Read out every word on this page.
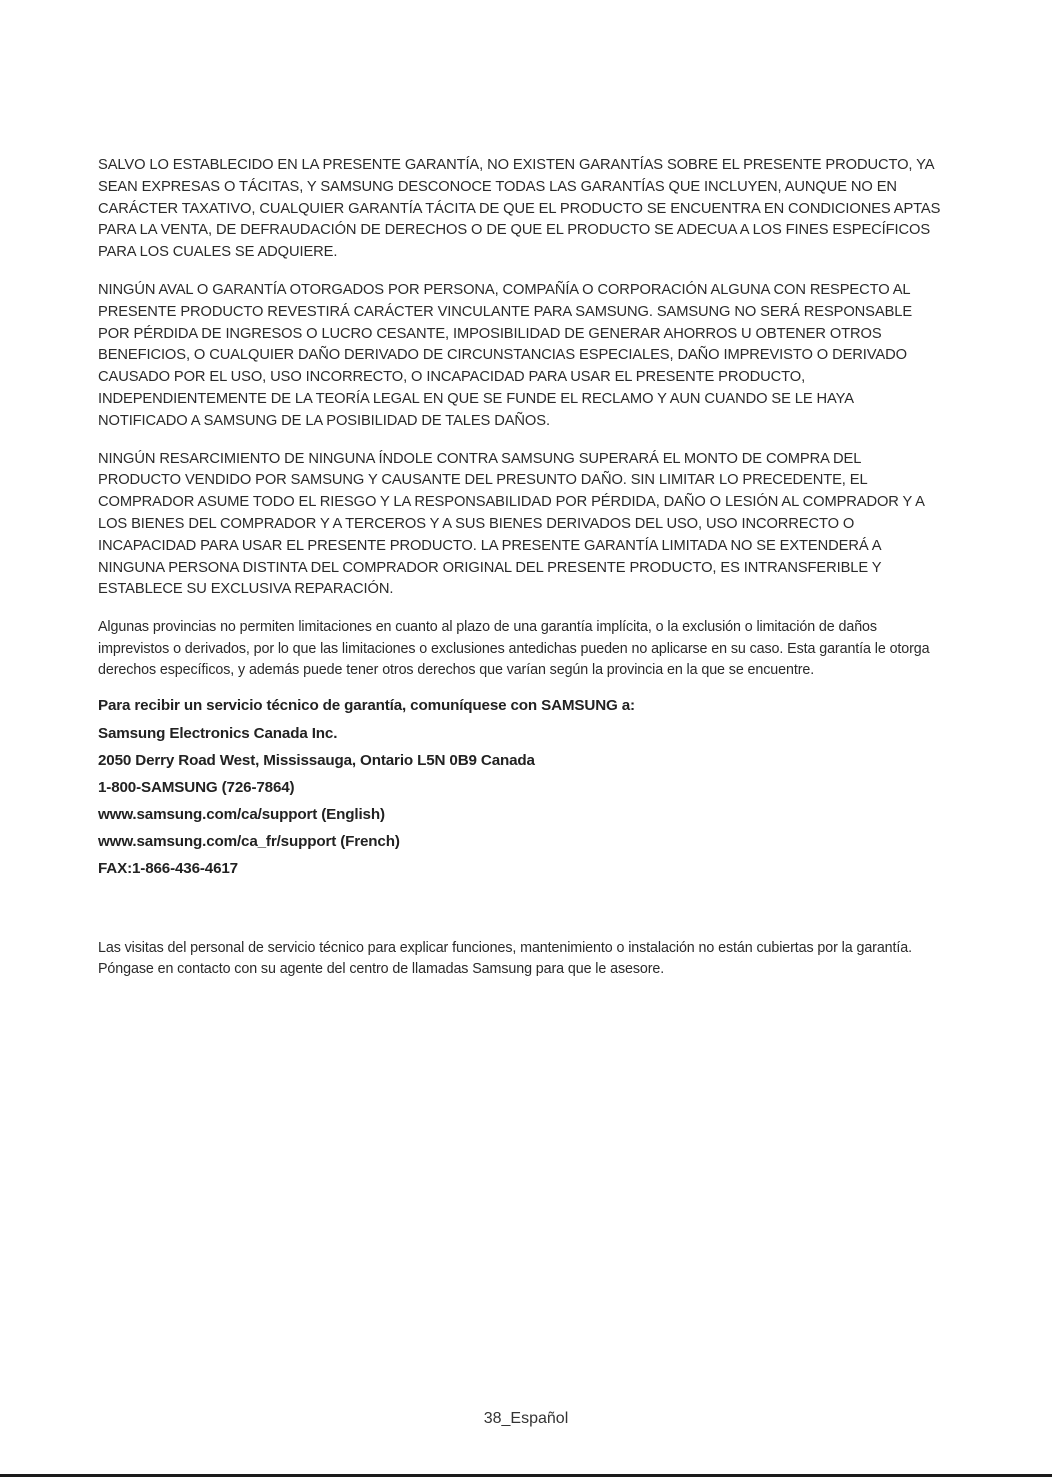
SALVO LO ESTABLECIDO EN LA PRESENTE GARANTÍA, NO EXISTEN GARANTÍAS SOBRE EL PRESENTE PRODUCTO, YA SEAN EXPRESAS O TÁCITAS, Y SAMSUNG DESCONOCE TODAS LAS GARANTÍAS QUE INCLUYEN, AUNQUE NO EN CARÁCTER TAXATIVO, CUALQUIER GARANTÍA TÁCITA DE QUE EL PRODUCTO SE ENCUENTRA EN CONDICIONES APTAS PARA LA VENTA, DE DEFRAUDACIÓN DE DERECHOS O DE QUE EL PRODUCTO SE ADECUA A LOS FINES ESPECÍFICOS PARA LOS CUALES SE ADQUIERE.

NINGÚN AVAL O GARANTÍA OTORGADOS POR PERSONA, COMPAÑÍA O CORPORACIÓN ALGUNA CON RESPECTO AL PRESENTE PRODUCTO REVESTIRÁ CARÁCTER VINCULANTE PARA SAMSUNG. SAMSUNG NO SERÁ RESPONSABLE POR PÉRDIDA DE INGRESOS O LUCRO CESANTE, IMPOSIBILIDAD DE GENERAR AHORROS U OBTENER OTROS BENEFICIOS, O CUALQUIER DAÑO DERIVADO DE CIRCUNSTANCIAS ESPECIALES, DAÑO IMPREVISTO O DERIVADO CAUSADO POR EL USO, USO INCORRECTO, O INCAPACIDAD PARA USAR EL PRESENTE PRODUCTO, INDEPENDIENTEMENTE DE LA TEORÍA LEGAL EN QUE SE FUNDE EL RECLAMO Y AUN CUANDO SE LE HAYA NOTIFICADO A SAMSUNG DE LA POSIBILIDAD DE TALES DAÑOS.

NINGÚN RESARCIMIENTO DE NINGUNA ÍNDOLE CONTRA SAMSUNG SUPERARÁ EL MONTO DE COMPRA DEL PRODUCTO VENDIDO POR SAMSUNG Y CAUSANTE DEL PRESUNTO DAÑO. SIN LIMITAR LO PRECEDENTE, EL COMPRADOR ASUME TODO EL RIESGO Y LA RESPONSABILIDAD POR PÉRDIDA, DAÑO O LESIÓN AL COMPRADOR Y A LOS BIENES DEL COMPRADOR Y A TERCEROS Y A SUS BIENES DERIVADOS DEL USO, USO INCORRECTO O INCAPACIDAD PARA USAR EL PRESENTE PRODUCTO. LA PRESENTE GARANTÍA LIMITADA NO SE EXTENDERÁ A NINGUNA PERSONA DISTINTA DEL COMPRADOR ORIGINAL DEL PRESENTE PRODUCTO, ES INTRANSFERIBLE Y ESTABLECE SU EXCLUSIVA REPARACIÓN.

Algunas provincias no permiten limitaciones en cuanto al plazo de una garantía implícita, o la exclusión o limitación de daños imprevistos o derivados, por lo que las limitaciones o exclusiones antedichas pueden no aplicarse en su caso. Esta garantía le otorga derechos específicos, y además puede tener otros derechos que varían según la provincia en la que se encuentre.

Para recibir un servicio técnico de garantía, comuníquese con SAMSUNG a:

Samsung Electronics Canada Inc.

2050 Derry Road West, Mississauga, Ontario L5N 0B9 Canada

1-800-SAMSUNG (726-7864)

www.samsung.com/ca/support (English)

www.samsung.com/ca_fr/support (French)

FAX:1-866-436-4617

Las visitas del personal de servicio técnico para explicar funciones, mantenimiento o instalación no están cubiertas por la garantía.

Póngase en contacto con su agente del centro de llamadas Samsung para que le asesore.

38_Español
